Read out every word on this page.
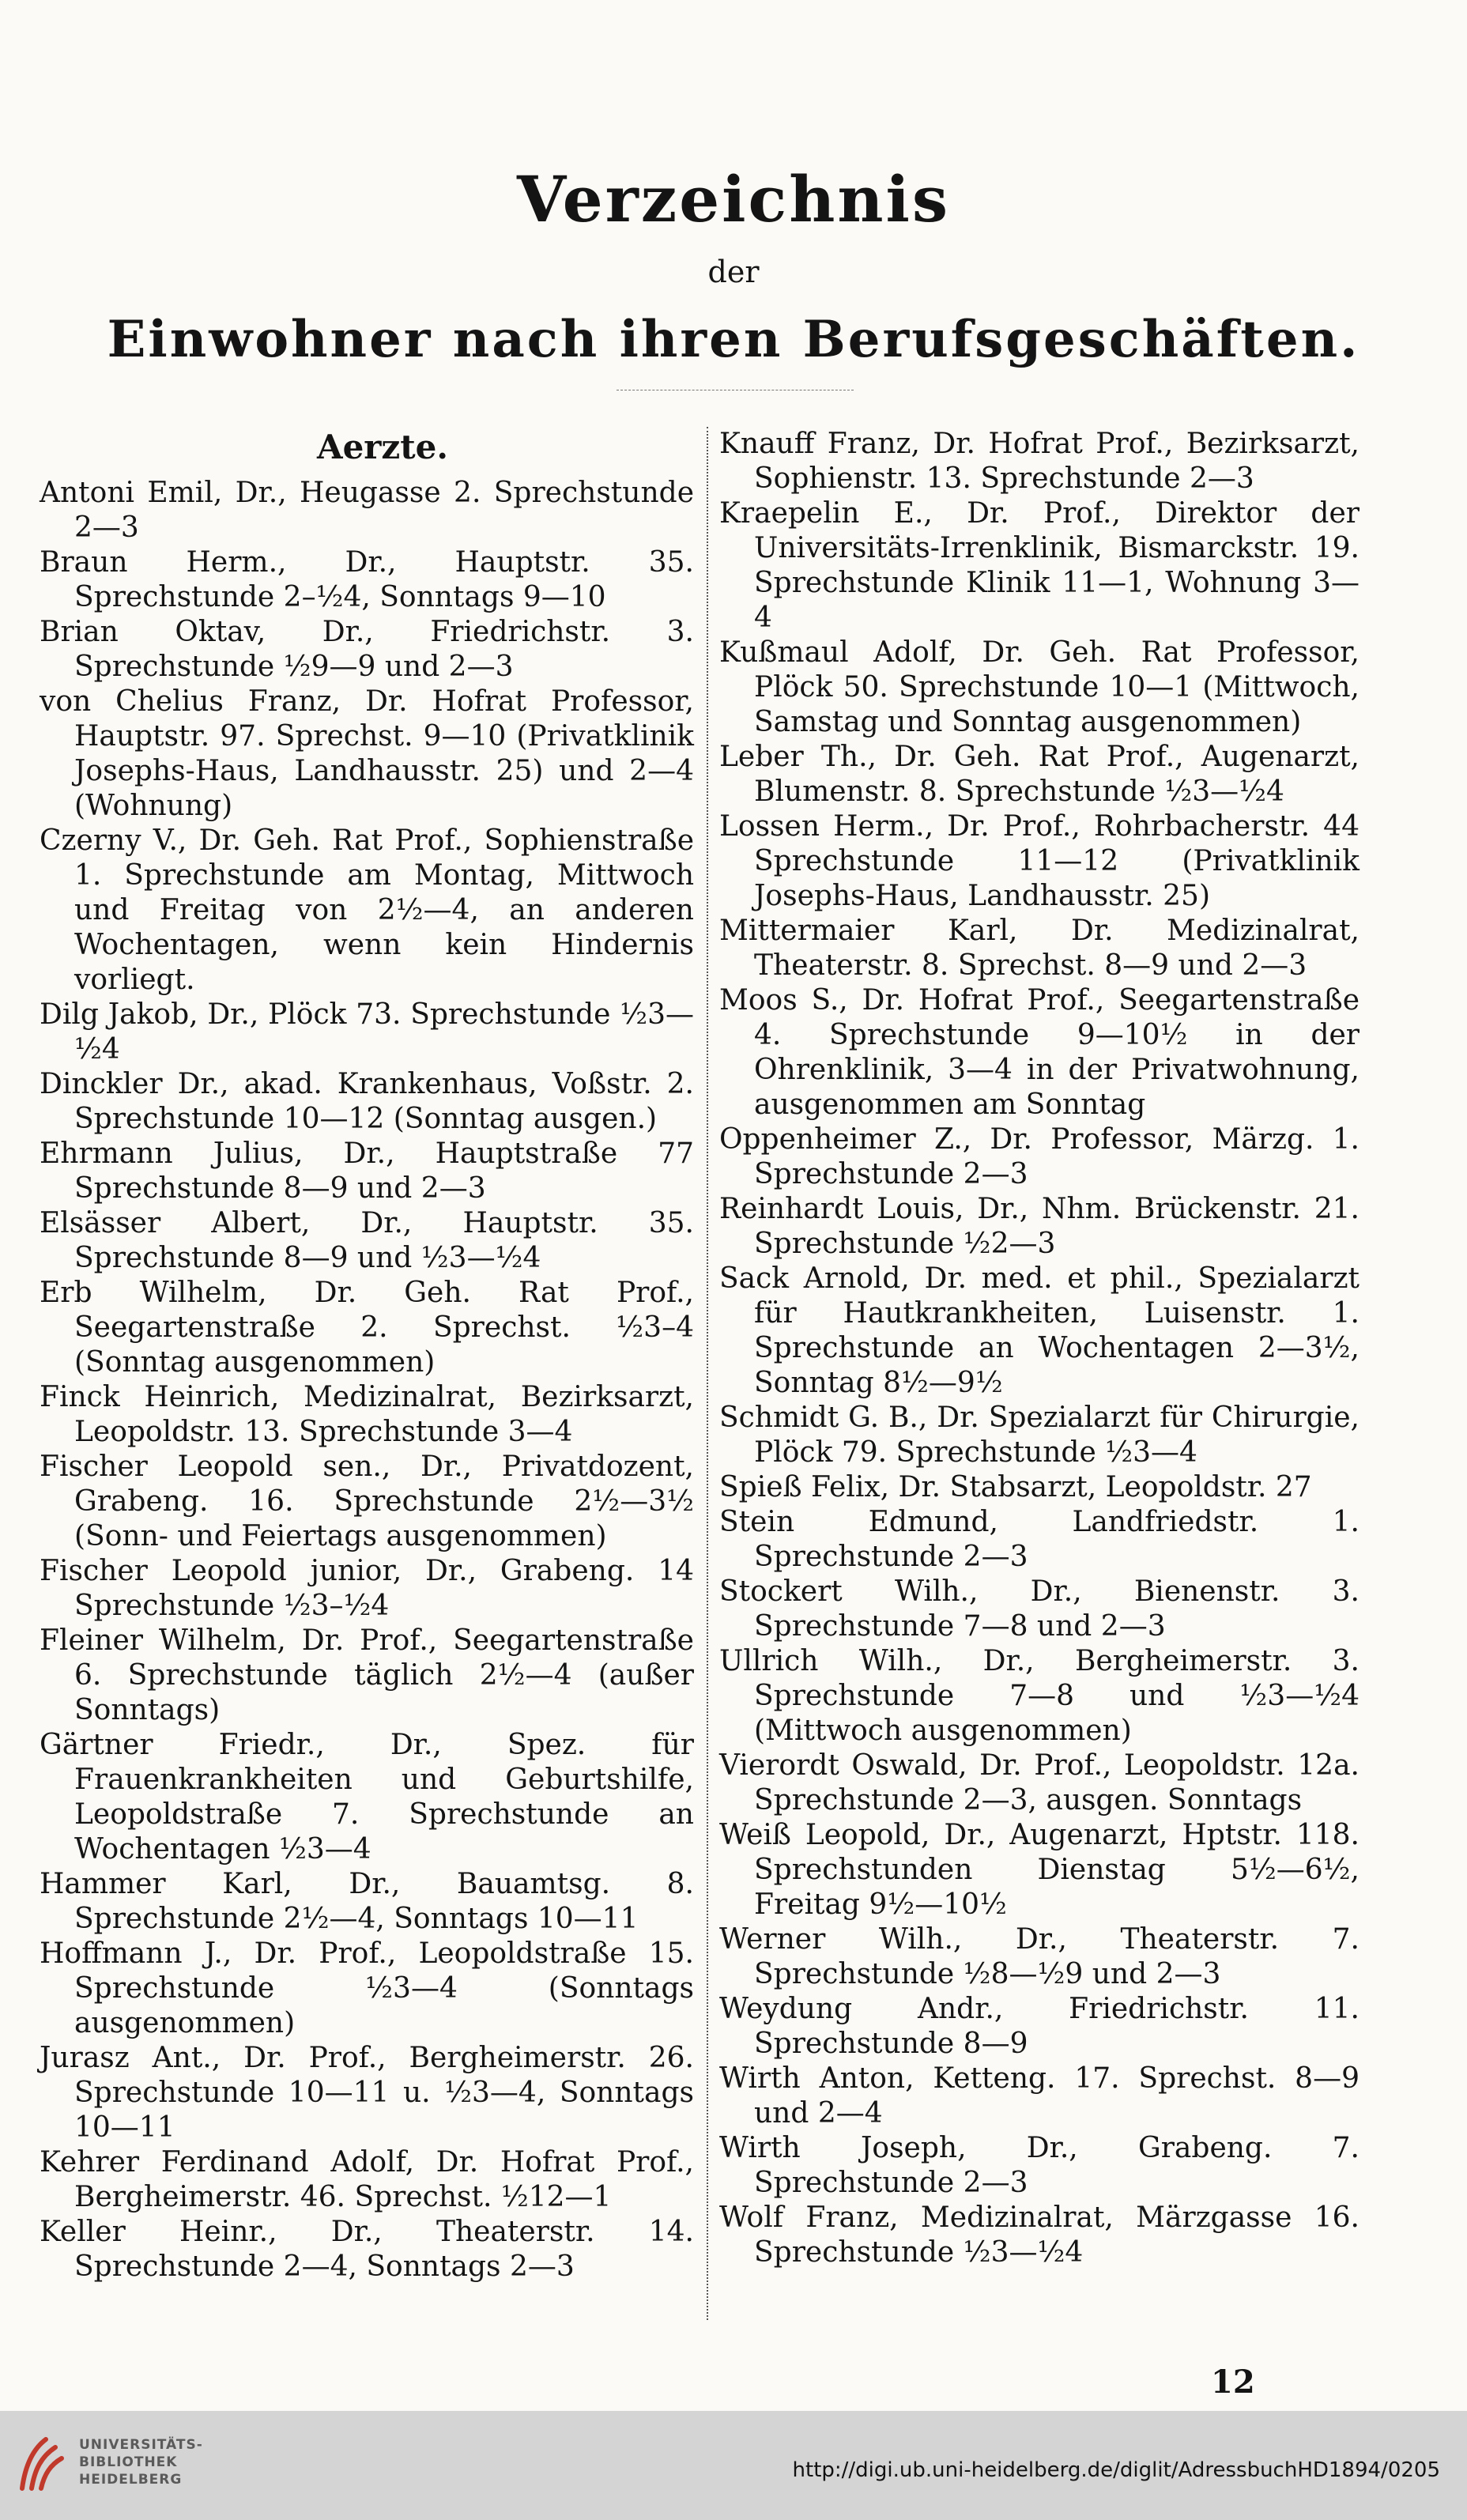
Verzeichnis
der
Einwohner nach ihren Berufsgeschäften.
Aerzte.

Antoni Emil, Dr., Heugasse 2. Sprechstunde 2—3

Braun Herm., Dr., Hauptstr. 35. Sprechstunde 2–½4, Sonntags 9—10

Brian Oktav, Dr., Friedrichstr. 3. Sprechstunde ½9—9 und 2—3

von Chelius Franz, Dr. Hofrat Professor, Hauptstr. 97. Sprechst. 9—10 (Privatklinik Josephs-Haus, Landhausstr. 25) und 2—4 (Wohnung)

Czerny V., Dr. Geh. Rat Prof., Sophienstraße 1. Sprechstunde am Montag, Mittwoch und Freitag von 2½—4, an anderen Wochentagen, wenn kein Hindernis vorliegt.

Dilg Jakob, Dr., Plöck 73. Sprechstunde ½3—½4

Dinckler Dr., akad. Krankenhaus, Voßstr. 2. Sprechstunde 10—12 (Sonntag ausgen.)

Ehrmann Julius, Dr., Hauptstraße 77 Sprechstunde 8—9 und 2—3

Elsässer Albert, Dr., Hauptstr. 35. Sprechstunde 8—9 und ½3—½4

Erb Wilhelm, Dr. Geh. Rat Prof., Seegartenstraße 2. Sprechst. ½3–4 (Sonntag ausgenommen)

Finck Heinrich, Medizinalrat, Bezirksarzt, Leopoldstr. 13. Sprechstunde 3—4

Fischer Leopold sen., Dr., Privatdozent, Grabeng. 16. Sprechstunde 2½—3½ (Sonn- und Feiertags ausgenommen)

Fischer Leopold junior, Dr., Grabeng. 14 Sprechstunde ½3–½4

Fleiner Wilhelm, Dr. Prof., Seegartenstraße 6. Sprechstunde täglich 2½—4 (außer Sonntags)

Gärtner Friedr., Dr., Spez. für Frauenkrankheiten und Geburtshilfe, Leopoldstraße 7. Sprechstunde an Wochentagen ½3—4

Hammer Karl, Dr., Bauamtsg. 8. Sprechstunde 2½—4, Sonntags 10—11

Hoffmann J., Dr. Prof., Leopoldstraße 15. Sprechstunde ½3—4 (Sonntags ausgenommen)

Jurasz Ant., Dr. Prof., Bergheimerstr. 26. Sprechstunde 10—11 u. ½3—4, Sonntags 10—11

Kehrer Ferdinand Adolf, Dr. Hofrat Prof., Bergheimerstr. 46. Sprechst. ½12—1

Keller Heinr., Dr., Theaterstr. 14. Sprechstunde 2—4, Sonntags 2—3

Knauff Franz, Dr. Hofrat Prof., Bezirksarzt, Sophienstr. 13. Sprechstunde 2—3

Kraepelin E., Dr. Prof., Direktor der Universitäts-Irrenklinik, Bismarckstr. 19. Sprechstunde Klinik 11—1, Wohnung 3—4

Kußmaul Adolf, Dr. Geh. Rat Professor, Plöck 50. Sprechstunde 10—1 (Mittwoch, Samstag und Sonntag ausgenommen)

Leber Th., Dr. Geh. Rat Prof., Augenarzt, Blumenstr. 8. Sprechstunde ½3—½4

Lossen Herm., Dr. Prof., Rohrbacherstr. 44 Sprechstunde 11—12 (Privatklinik Josephs-Haus, Landhausstr. 25)

Mittermaier Karl, Dr. Medizinalrat, Theaterstr. 8. Sprechst. 8—9 und 2—3

Moos S., Dr. Hofrat Prof., Seegartenstraße 4. Sprechstunde 9—10½ in der Ohrenklinik, 3—4 in der Privatwohnung, ausgenommen am Sonntag

Oppenheimer Z., Dr. Professor, Märzg. 1. Sprechstunde 2—3

Reinhardt Louis, Dr., Nhm. Brückenstr. 21. Sprechstunde ½2—3

Sack Arnold, Dr. med. et phil., Spezialarzt für Hautkrankheiten, Luisenstr. 1. Sprechstunde an Wochentagen 2—3½, Sonntag 8½—9½

Schmidt G. B., Dr. Spezialarzt für Chirurgie, Plöck 79. Sprechstunde ½3—4

Spieß Felix, Dr. Stabsarzt, Leopoldstr. 27

Stein Edmund, Landfriedstr. 1. Sprechstunde 2—3

Stockert Wilh., Dr., Bienenstr. 3. Sprechstunde 7—8 und 2—3

Ullrich Wilh., Dr., Bergheimerstr. 3. Sprechstunde 7—8 und ½3—½4 (Mittwoch ausgenommen)

Vierordt Oswald, Dr. Prof., Leopoldstr. 12a. Sprechstunde 2—3, ausgen. Sonntags

Weiß Leopold, Dr., Augenarzt, Hptstr. 118. Sprechstunden Dienstag 5½—6½, Freitag 9½—10½

Werner Wilh., Dr., Theaterstr. 7. Sprechstunde ½8—½9 und 2—3

Weydung Andr., Friedrichstr. 11. Sprechstunde 8—9

Wirth Anton, Ketteng. 17. Sprechst. 8—9 und 2—4

Wirth Joseph, Dr., Grabeng. 7. Sprechstunde 2—3

Wolf Franz, Medizinalrat, Märzgasse 16. Sprechstunde ½3—½4

12
UNIVERSITÄTS-
BIBLIOTHEK
HEIDELBERG	http://digi.ub.uni-heidelberg.de/diglit/AdressbuchHD1894/0205
